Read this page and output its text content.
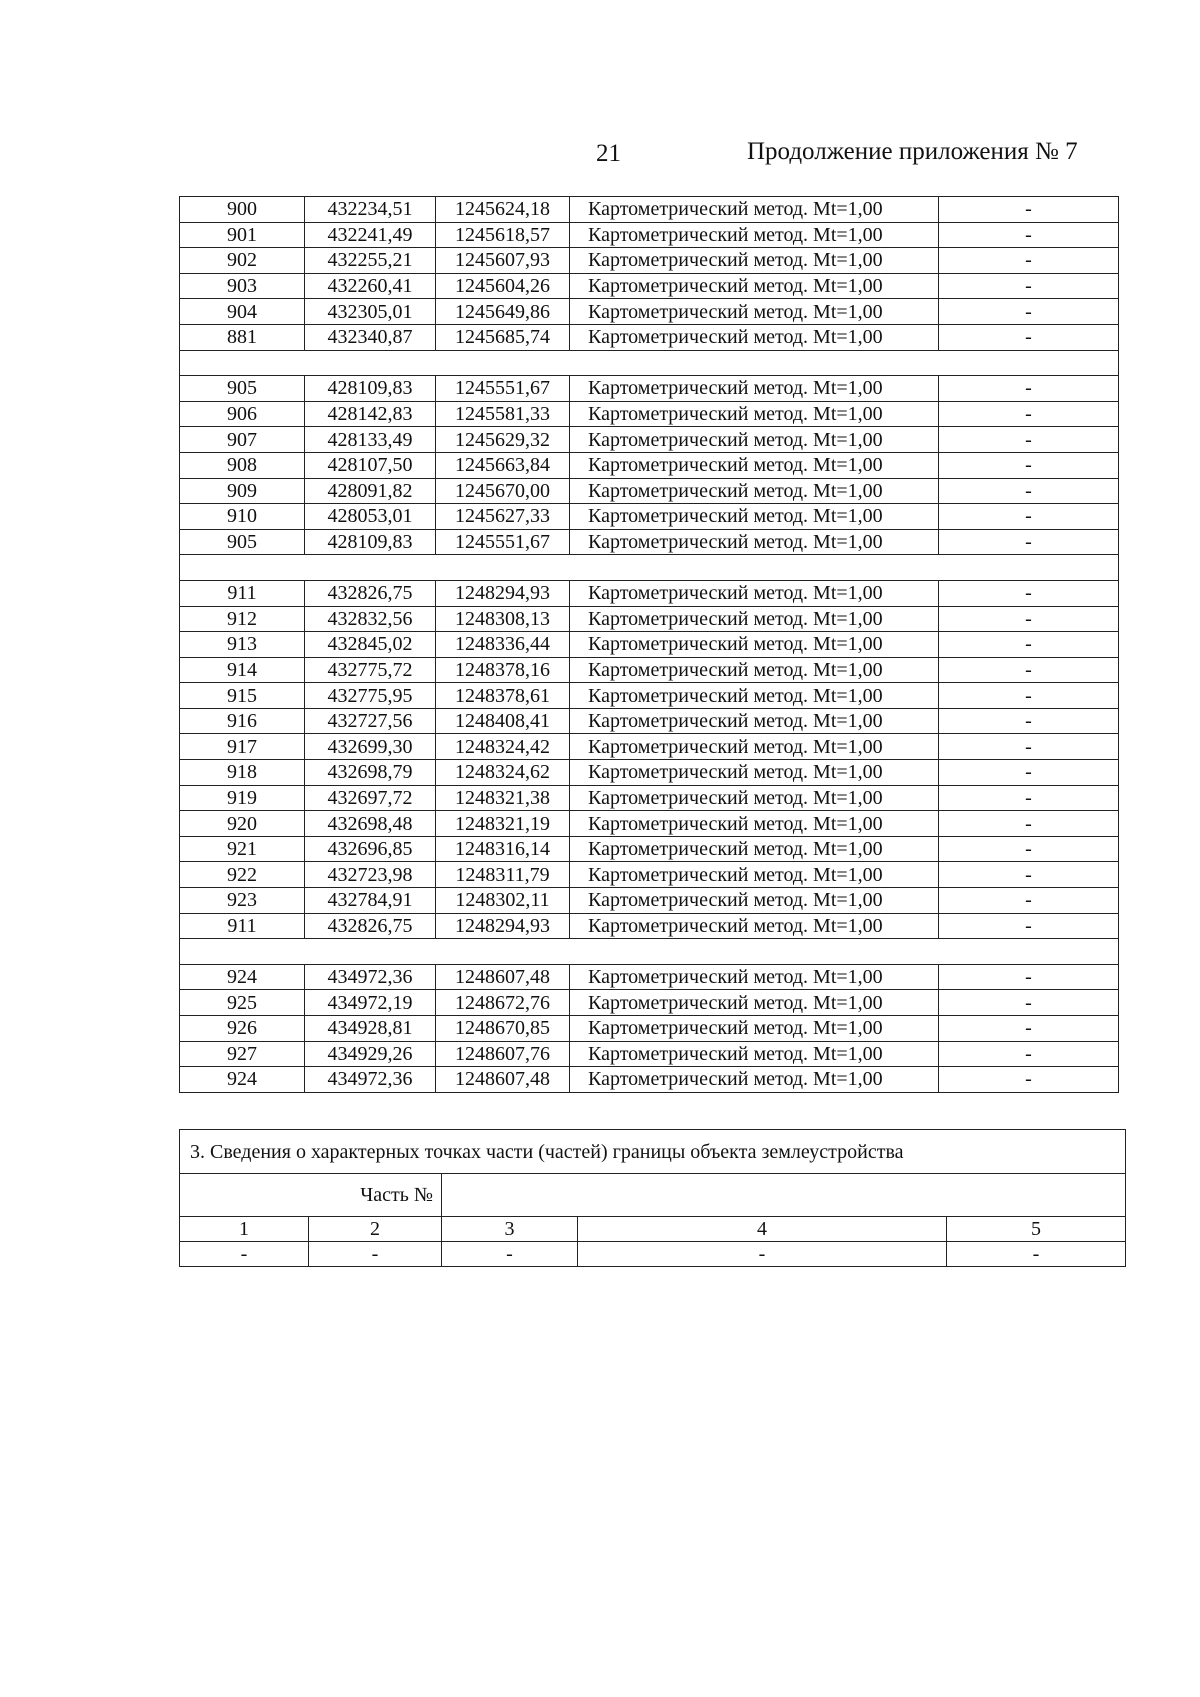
21	Продолжение приложения № 7
900	432234,51	1245624,18	Картометрический метод. Mt=1,00	-
901	432241,49	1245618,57	Картометрический метод. Mt=1,00	-
902	432255,21	1245607,93	Картометрический метод. Mt=1,00	-
903	432260,41	1245604,26	Картометрический метод. Mt=1,00	-
904	432305,01	1245649,86	Картометрический метод. Mt=1,00	-
881	432340,87	1245685,74	Картометрический метод. Mt=1,00	-

905	428109,83	1245551,67	Картометрический метод. Mt=1,00	-
906	428142,83	1245581,33	Картометрический метод. Mt=1,00	-
907	428133,49	1245629,32	Картометрический метод. Mt=1,00	-
908	428107,50	1245663,84	Картометрический метод. Mt=1,00	-
909	428091,82	1245670,00	Картометрический метод. Mt=1,00	-
910	428053,01	1245627,33	Картометрический метод. Mt=1,00	-
905	428109,83	1245551,67	Картометрический метод. Mt=1,00	-

911	432826,75	1248294,93	Картометрический метод. Mt=1,00	-
912	432832,56	1248308,13	Картометрический метод. Mt=1,00	-
913	432845,02	1248336,44	Картометрический метод. Mt=1,00	-
914	432775,72	1248378,16	Картометрический метод. Mt=1,00	-
915	432775,95	1248378,61	Картометрический метод. Mt=1,00	-
916	432727,56	1248408,41	Картометрический метод. Mt=1,00	-
917	432699,30	1248324,42	Картометрический метод. Mt=1,00	-
918	432698,79	1248324,62	Картометрический метод. Mt=1,00	-
919	432697,72	1248321,38	Картометрический метод. Mt=1,00	-
920	432698,48	1248321,19	Картометрический метод. Mt=1,00	-
921	432696,85	1248316,14	Картометрический метод. Mt=1,00	-
922	432723,98	1248311,79	Картометрический метод. Mt=1,00	-
923	432784,91	1248302,11	Картометрический метод. Mt=1,00	-
911	432826,75	1248294,93	Картометрический метод. Mt=1,00	-

924	434972,36	1248607,48	Картометрический метод. Mt=1,00	-
925	434972,19	1248672,76	Картометрический метод. Mt=1,00	-
926	434928,81	1248670,85	Картометрический метод. Mt=1,00	-
927	434929,26	1248607,76	Картометрический метод. Mt=1,00	-
924	434972,36	1248607,48	Картометрический метод. Mt=1,00	-
3. Сведения о характерных точках части (частей) границы объекта землеустройства				
Часть №				
1	2	3	4	5
-	-	-	-	-
